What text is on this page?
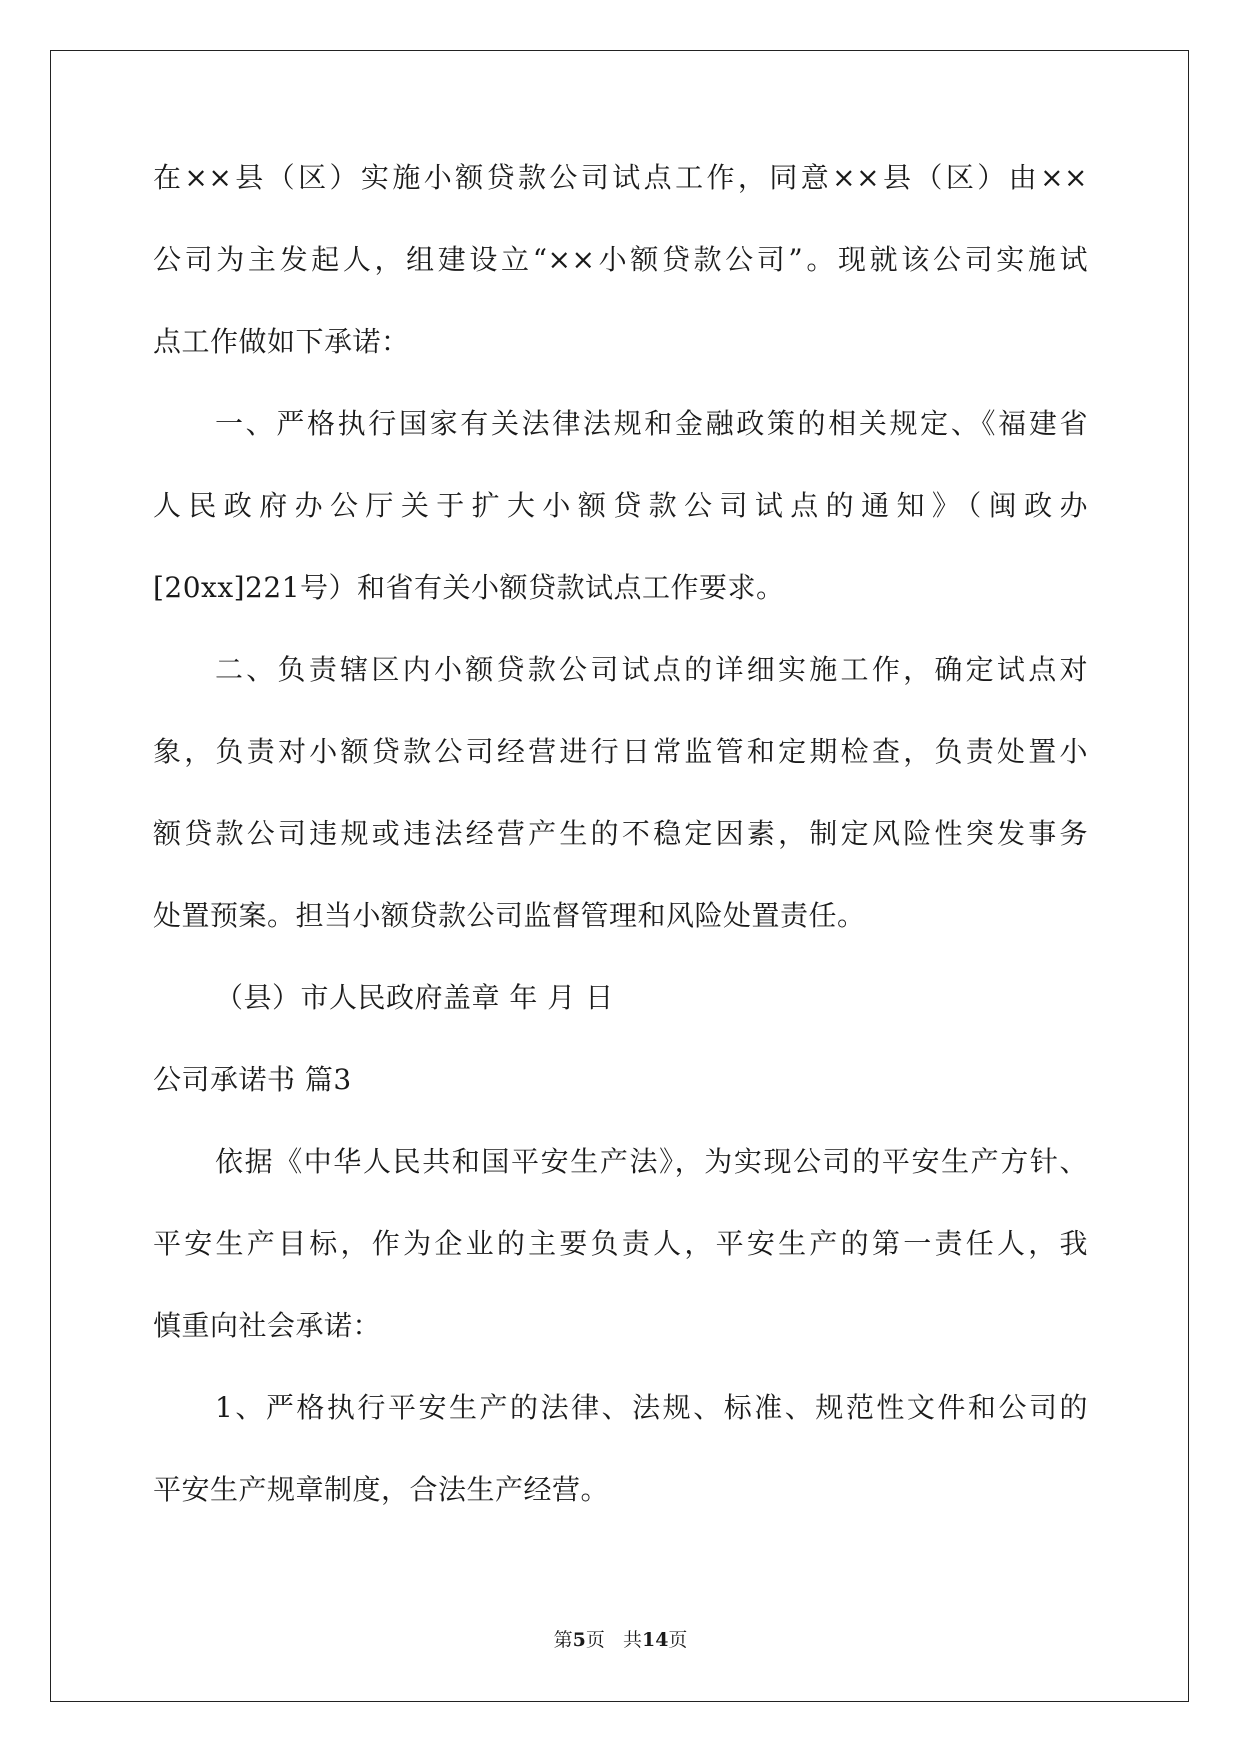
在××县（区）实施小额贷款公司试点工作，同意××县（区）由××
公司为主发起人，组建设立“××小额贷款公司”。现就该公司实施试
点工作做如下承诺：
一、严格执行国家有关法律法规和金融政策的相关规定、《福建省
人民政府办公厅关于扩大小额贷款公司试点的通知》（闽政办
[20xx]221号）和省有关小额贷款试点工作要求。
二、负责辖区内小额贷款公司试点的详细实施工作，确定试点对
象，负责对小额贷款公司经营进行日常监管和定期检查，负责处置小
额贷款公司违规或违法经营产生的不稳定因素，制定风险性突发事务
处置预案。担当小额贷款公司监督管理和风险处置责任。
（县）市人民政府盖章 年 月 日
公司承诺书 篇3
依据《中华人民共和国平安生产法》，为实现公司的平安生产方针、
平安生产目标，作为企业的主要负责人，平安生产的第一责任人，我
慎重向社会承诺：
1、严格执行平安生产的法律、法规、标准、规范性文件和公司的
平安生产规章制度，合法生产经营。
第5页 共14页
